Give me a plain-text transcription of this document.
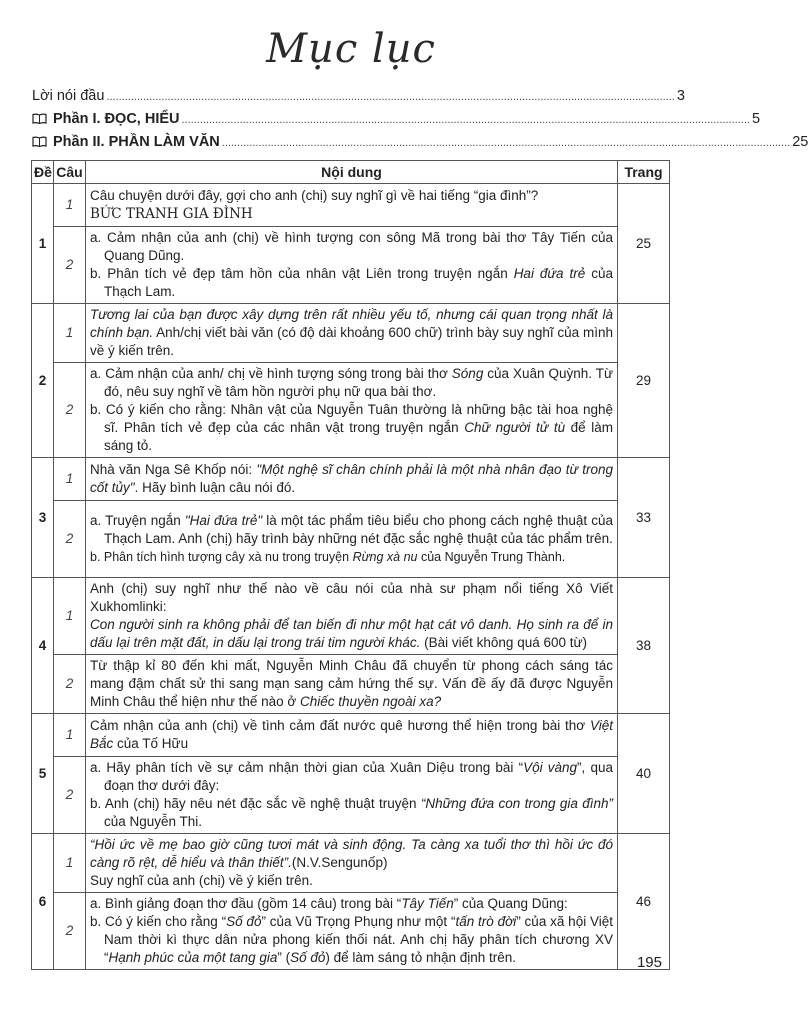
Mục lục
Lời nói đầu .......................................................................................................................................................................................... 3
Phần I. ĐỌC, HIỂU .......................................................................................................................................................................................... 5
Phần II. PHẦN LÀM VĂN .......................................................................................................................................................................................... 25
Đề	Câu	Nội dung	Trang
1	1	Câu chuyện dưới đây, gợi cho anh (chị) suy nghĩ gì về hai tiếng “gia đình”?
BỨC TRANH GIA ĐÌNH	25
	2	a. Cảm nhận của anh (chị) về hình tượng con sông Mã trong bài thơ Tây Tiến của Quang Dũng.
b. Phân tích vẻ đẹp tâm hồn của nhân vật Liên trong truyện ngắn Hai đứa trẻ của Thạch Lam.	

2	1	Tương lai của bạn được xây dựng trên rất nhiều yếu tố, nhưng cái quan trọng nhất là chính bạn. Anh/chị viết bài văn (có độ dài khoảng 600 chữ) trình bày suy nghĩ của mình về ý kiến trên.	29
	2	a. Cảm nhận của anh/ chị về hình tượng sóng trong bài thơ Sóng của Xuân Quỳnh. Từ đó, nêu suy nghĩ về tâm hồn người phụ nữ qua bài thơ.
b. Có ý kiến cho rằng: Nhân vật của Nguyễn Tuân thường là những bậc tài hoa nghệ sĩ. Phân tích vẻ đẹp của các nhân vật trong truyện ngắn Chữ người tử tù để làm sáng tỏ.	

3	1	Nhà văn Nga Sê Khốp nói: "Một nghệ sĩ chân chính phải là một nhà nhân đạo từ trong cốt tủy". Hãy bình luận câu nói đó.	33
	2	a. Truyện ngắn "Hai đứa trẻ" là một tác phẩm tiêu biểu cho phong cách nghệ thuật của Thạch Lam. Anh (chị) hãy trình bày những nét đặc sắc nghệ thuật của tác phẩm trên.
b. Phân tích hình tượng cây xà nu trong truyện Rừng xà nu của Nguyễn Trung Thành.	

4	1	Anh (chị) suy nghĩ như thế nào về câu nói của nhà sư phạm nổi tiếng Xô Viết Xukhomlinki:
Con người sinh ra không phải để tan biến đi như một hạt cát vô danh. Họ sinh ra để in dấu lại trên mặt đất, in dấu lại trong trái tim người khác. (Bài viết không quá 600 từ)	38
	2	Từ thập kỉ 80 đến khi mất, Nguyễn Minh Châu đã chuyển từ phong cách sáng tác mang đậm chất sử thi sang mạn sang cảm hứng thế sự. Vấn đề ấy đã được Nguyễn Minh Châu thể hiện như thế nào ở Chiếc thuyền ngoài xa?	
5	1	Cảm nhận của anh (chị) về tình cảm đất nước quê hương thể hiện trong bài thơ Việt Bắc của Tố Hữu	40
	2	a. Hãy phân tích về sự cảm nhận thời gian của Xuân Diệu trong bài “Vội vàng”, qua đoạn thơ dưới đây:
b. Anh (chị) hãy nêu nét đặc sắc về nghệ thuật truyện “Những đứa con trong gia đình” của Nguyễn Thi.	

6	1	“Hồi ức về mẹ bao giờ cũng tươi mát và sinh động. Ta càng xa tuổi thơ thì hồi ức đó càng rõ rệt, dễ hiểu và thân thiết”.(N.V.Sengunốp)
Suy nghĩ của anh (chị) về ý kiến trên.	46
	2	a. Bình giảng đoạn thơ đầu (gồm 14 câu) trong bài “Tây Tiến” của Quang Dũng:
b. Có ý kiến cho rằng “Số đỏ” của Vũ Trọng Phụng như một “tấn trò đời” của xã hội Việt Nam thời kì thực dân nửa phong kiến thối nát. Anh chị hãy phân tích chương XV “Hạnh phúc của một tang gia” (Số đỏ) để làm sáng tỏ nhận định trên.		195
